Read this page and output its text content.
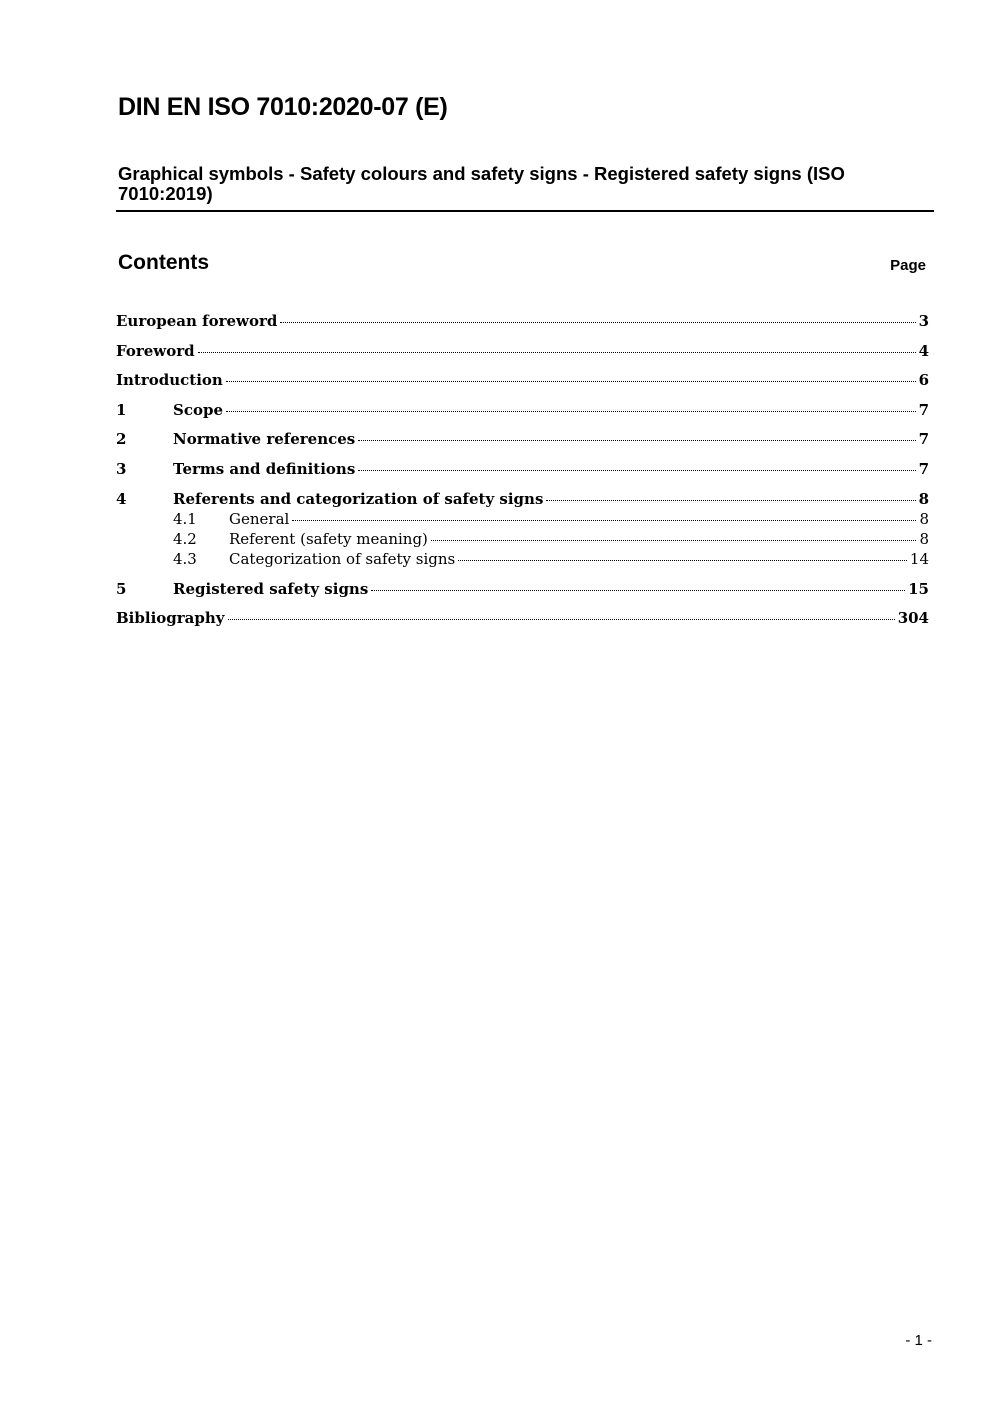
DIN EN ISO 7010:2020-07 (E)
Graphical symbols - Safety colours and safety signs - Registered safety signs (ISO 7010:2019)
Contents	Page
European foreword	3
Foreword	4
Introduction	6
1	Scope	7
2	Normative references	7
3	Terms and definitions	7
4	Referents and categorization of safety signs	8
4.1	General	8
4.2	Referent (safety meaning)	8
4.3	Categorization of safety signs	14
5	Registered safety signs	15
Bibliography	304
- 1 -
